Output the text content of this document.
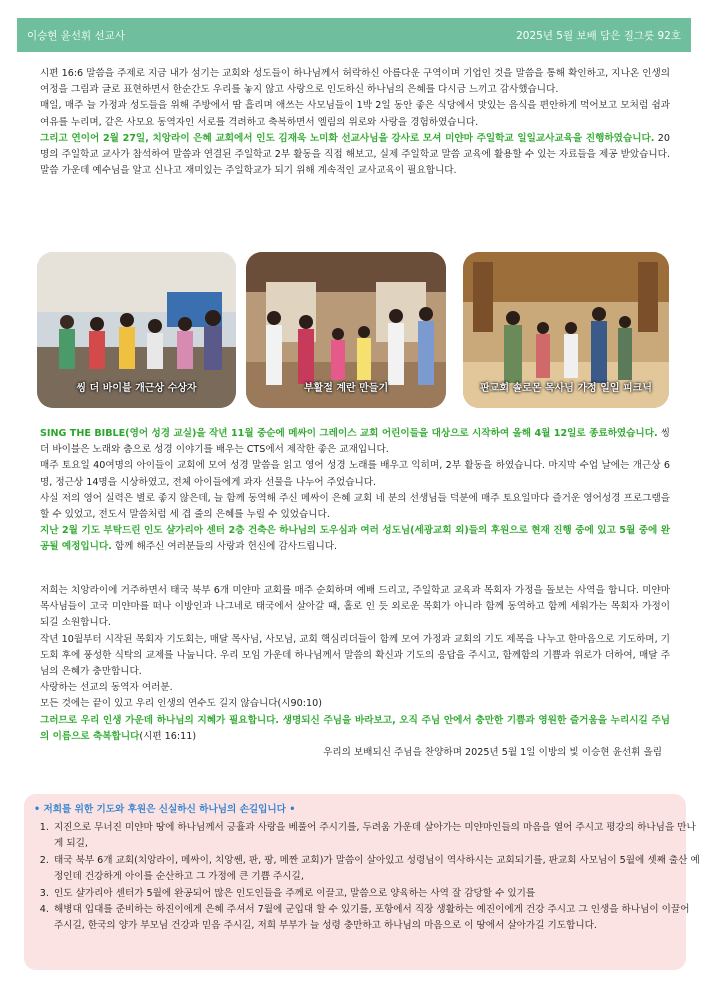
이승현 윤선휘 선교사	2025년 5월 보배 담은 질그릇 92호

시편 16:6 말씀을 주제로 지금 내가 섬기는 교회와 성도들이 하나님께서 허락하신 아름다운 구역이며 기업인 것을 말씀을 통해 확인하고, 지나온 인생의 여정을 그림과 글로 표현하면서 한순간도 우리를 놓지 않고 사랑으로 인도하신 하나님의 은혜를 다시금 느끼고 감사했습니다.

매일, 매주 늘 가정과 성도들을 위해 주방에서 땀 흘리며 애쓰는 사모님들이 1박 2일 동안 좋은 식당에서 맛있는 음식을 편안하게 먹어보고 모처럼 쉼과 여유를 누리며, 같은 사모요 동역자인 서로를 격려하고 축복하면서 엘림의 위로와 사랑을 경험하였습니다.

그리고 연이어 2월 27일, 치앙라이 은혜 교회에서 인도 김재욱 노미화 선교사님을 강사로 모셔 미얀마 주일학교 일일교사교육을 진행하였습니다. 20명의 주일학교 교사가 참석하여 말씀과 연결된 주일학교 2부 활동을 직접 해보고, 실제 주일학교 말씀 교육에 활용할 수 있는 자료들을 제공 받았습니다. 말씀 가운데 예수님을 알고 신나고 재미있는 주일학교가 되기 위해 계속적인 교사교육이 필요합니다.

씽 더 바이블 개근상 수상자	부활절 계란 만들기	판교회 솔로몬 목사님 가정 일일 피크닉

SING THE BIBLE(영어 성경 교실)을 작년 11월 중순에 메싸이 그레이스 교회 어린이들을 대상으로 시작하여 올해 4월 12일로 종료하였습니다. 씽 더 바이블은 노래와 춤으로 성경 이야기를 배우는 CTS에서 제작한 좋은 교재입니다.

매주 토요일 40여명의 아이들이 교회에 모여 성경 말씀을 읽고 영어 성경 노래를 배우고 익히며, 2부 활동을 하였습니다. 마지막 수업 날에는 개근상 6명, 정근상 14명을 시상하였고, 전체 아이들에게 과자 선물을 나누어 주었습니다.

사실 저의 영어 실력은 별로 좋지 않은데, 늘 함께 동역해 주신 메싸이 은혜 교회 네 분의 선생님들 덕분에 매주 토요일마다 즐거운 영어성경 프로그램을 할 수 있었고, 전도서 말씀처럼 세 겹 줄의 은혜를 누릴 수 있었습니다.

지난 2월 기도 부탁드린 인도 샬가리아 센터 2층 건축은 하나님의 도우심과 여러 성도님(세광교회 외)들의 후원으로 현재 진행 중에 있고 5월 중에 완공될 예정입니다. 함께 해주신 여러분들의 사랑과 헌신에 감사드립니다.

저희는 치앙라이에 거주하면서 태국 북부 6개 미얀마 교회를 매주 순회하며 예배 드리고, 주일학교 교육과 목회자 가정을 돌보는 사역을 합니다. 미얀마 목사님들이 고국 미얀마를 떠나 이방인과 나그네로 태국에서 살아갈 때, 홀로 인 듯 외로운 목회가 아니라 함께 동역하고 함께 세워가는 목회자 가정이 되길 소원합니다.

작년 10월부터 시작된 목회자 기도회는, 매달 목사님, 사모님, 교회 핵심리더들이 함께 모여 가정과 교회의 기도 제목을 나누고 한마음으로 기도하며, 기도회 후에 풍성한 식탁의 교제를 나눕니다. 우리 모임 가운데 하나님께서 말씀의 확신과 기도의 응답을 주시고, 함께함의 기쁨과 위로가 더하여, 매달 주님의 은혜가 충만합니다.

사랑하는 선교의 동역자 여러분.

모든 것에는 끝이 있고 우리 인생의 연수도 길지 않습니다(시90:10)

그러므로 우리 인생 가운데 하나님의 지혜가 필요합니다. 생명되신 주님을 바라보고, 오직 주님 안에서 충만한 기쁨과 영원한 즐거움을 누리시길 주님의 이름으로 축복합니다(시편 16:11)

우리의 보배되신 주님을 찬양하며 2025년 5월 1일 이방의 빛 이승현 윤선휘 올림

• 저희를 위한 기도와 후원은 신실하신 하나님의 손길입니다 •
1. 지진으로 무너진 미얀마 땅에 하나님께서 긍휼과 사랑을 베풀어 주시기를, 두려움 가운데 살아가는 미얀마인들의 마음을 열어 주시고 평강의 하나님을 만나게 되길,
2. 태국 북부 6개 교회(치앙라이, 메싸이, 치앙쎈, 판, 팡, 메짠 교회)가 말씀이 살아있고 성령님이 역사하시는 교회되기를, 판교회 사모님이 5월에 셋째 출산 예정인데 건강하게 아이를 순산하고 그 가정에 큰 기쁨 주시길,
3. 인도 샬가리아 센터가 5월에 완공되어 많은 인도인들을 주께로 이끌고, 말씀으로 양육하는 사역 잘 감당할 수 있기를
4. 해병대 입대를 준비하는 하진이에게 은혜 주셔서 7월에 군입대 할 수 있기를, 포항에서 직장 생활하는 예진이에게 건강 주시고 그 인생을 하나님이 이끌어 주시길, 한국의 양가 부모님 건강과 믿음 주시길, 저희 부부가 늘 성령 충만하고 하나님의 마음으로 이 땅에서 살아가길 기도합니다.
